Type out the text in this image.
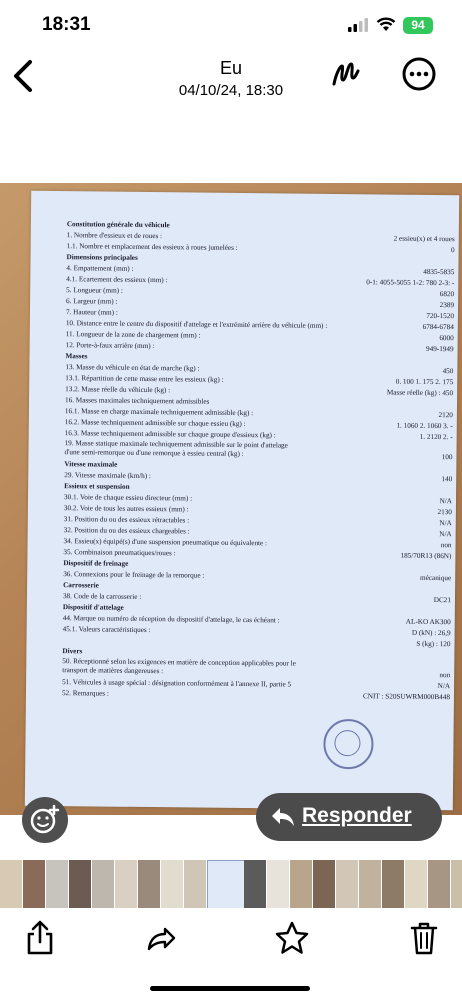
18:31	94
Eu
04/10/24, 18:30
Constitution générale du véhicule
1. Nombre d'essieux et de roues :	2 essieu(x) et 4 roues
1.1. Nombre et emplacement des essieux à roues jumelées :	0
Dimensions principales
4. Empattement (mm) :	4835-5835
4.1. Ecartement des essieux (mm) :	0-1: 4055-5055 1-2: 780 2-3: -
5. Longueur (mm) :	6820
6. Largeur (mm) :	2389
7. Hauteur (mm) :	720-1520
10. Distance entre le centre du dispositif d'attelage et l'extrémité arrière du véhicule (mm) :	6784-6784
11. Longueur de la zone de chargement (mm) :	6000
12. Porte-à-faux arrière (mm) :	949-1949
Masses
13. Masse du véhicule en état de marche (kg) :	450
13.1. Répartition de cette masse entre les essieux (kg) :	0. 100 1. 175 2. 175
13.2. Masse réelle du véhicule (kg) :	Masse réelle (kg) : 450
16. Masses maximales techniquement admissibles
16.1. Masse en charge maximale techniquement admissible (kg) :	2120
16.2. Masse techniquement admissible sur chaque essieu (kg) :	1. 1060 2. 1060 3. -
16.3. Masse techniquement admissible sur chaque groupe d'essieux (kg) :	1. 2120 2. -
19. Masse statique maximale techniquement admissible sur le point d'attelage d'une semi-remorque ou d'une remorque à essieu central (kg) :	100
Vitesse maximale
29. Vitesse maximale (km/h) :	140
Essieux et suspension
30.1. Voie de chaque essieu directeur (mm) :	N/A
30.2. Voie de tous les autres essieux (mm) :	2130
31. Position du ou des essieux rétractables :	N/A
32. Position du ou des essieux chargeables :	N/A
34. Essieu(x) équipé(s) d'une suspension pneumatique ou équivalente :	non
35. Combinaison pneumatiques/roues :	185/70R13 (86N)
Dispositif de freinage
36. Connexions pour le freinage de la remorque :	mécanique
Carrosserie
38. Code de la carrosserie :	DC21
Dispositif d'attelage
44. Marque ou numéro de réception du dispositif d'attelage, le cas échéant :	AL-KO AK300
45.1. Valeurs caractéristiques :	D (kN) : 26,9
S (kg) : 120
Divers
50. Réceptionné selon les exigences en matière de conception applicables pour le transport de matières dangereuses :	non
51. Véhicules à usage spécial : désignation conformément à l'annexe II, partie 5	N/A
52. Remarques :	CNIT : S20SUWRM000B448
Responder
